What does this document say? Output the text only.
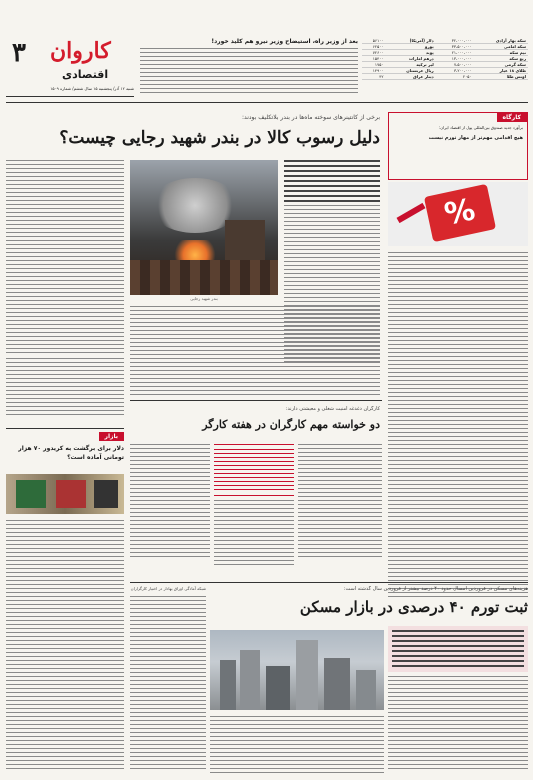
۳ کاروان
اقتصادی
شنبه ۱۲ آذر/ پنجشنبه ۱۵ سال ششم/ شماره ۱۵۰۹
بعد از وزیر راه، استیضاح وزیر نیرو هم کلید خورد!	سکه بهار آزادی	۳۲،۰۰۰،۰۰۰	دلار (آمریکا)	۵۶۱۰۰
سکه امامی	۳۳،۵۰۰،۰۰۰	یورو	۶۲۵۰۰
نیم سکه	۲۱،۰۰۰،۰۰۰	پوند	۷۲۶۰۰
ربع سکه	۱۳،۰۰۰،۰۰۰	درهم امارات	۱۵۴۰۰
سکه گرمی	۷،۵۰۰،۰۰۰	لیر ترکیه	۱۷۵۰
طلای ۱۸ عیار	۳،۲۰۰،۰۰۰	ریال عربستان	۱۴۹۰۰
اونس طلا	۲۰۵۰	دینار عراق	۴۲
برخی از کانتینرهای سوخته ماه‌ها در بندر بلاتکلیف بودند:
دلیل رسوب کالا در بندر شهید رجایی چیست؟
بندر شهید رجایی
کارگاه
برآورد جدید صندوق بین‌المللی پول از اقتصاد ایران:
هیچ اقدامی مهم‌تر از مهار تورم نیست
%
کارگران دغدغه امنیت شغلی و معیشتی دارند:
دو خواسته مهم کارگران در هفته کارگر
بازار
دلار برای برگشت به کریدور ۷۰ هزار تومانی آماده است؟
هزینه‌های مسکن در فروردین امسال حدود ۴۰ درصد بیشتر از فروردین سال گذشته است:
ثبت تورم ۴۰ درصدی در بازار مسکن
شبکه آمادگی اوراق بهادار در اختیار کارگزاران
